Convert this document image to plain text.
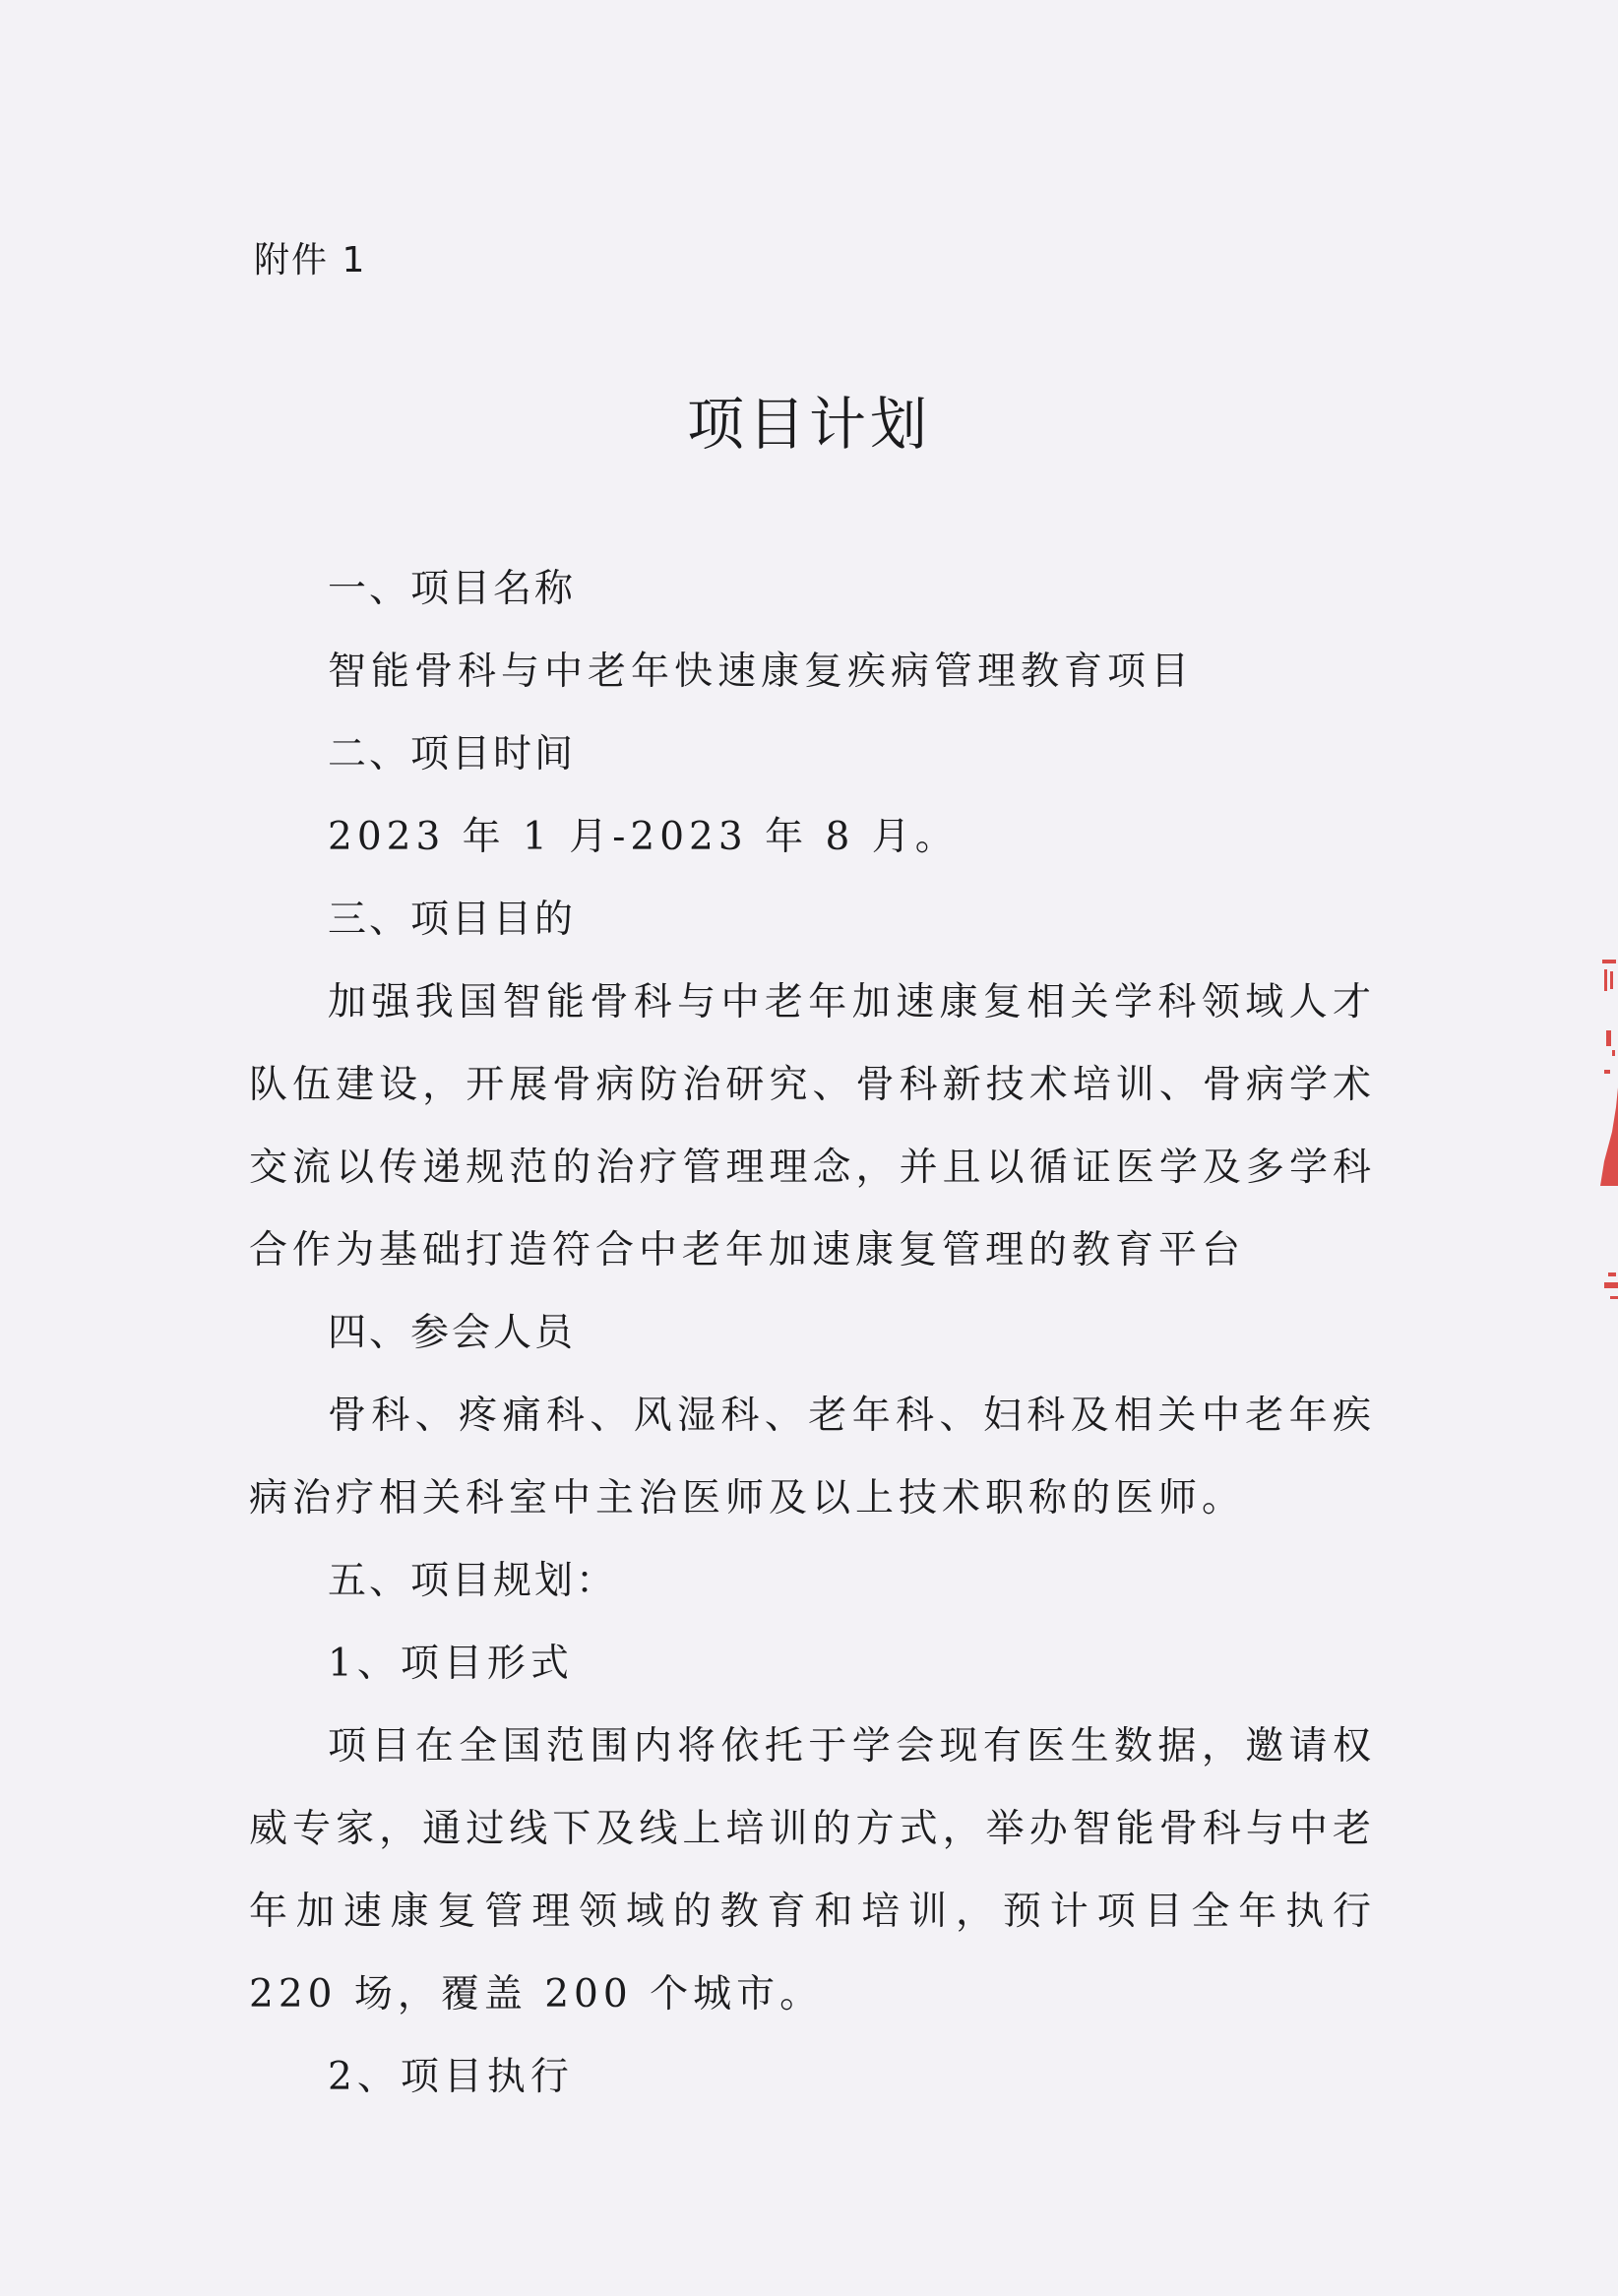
附件 1
项目计划
一、项目名称
智能骨科与中老年快速康复疾病管理教育项目
二、项目时间
2023 年 1 月-2023 年 8 月。
三、项目目的
加强我国智能骨科与中老年加速康复相关学科领域人才队伍建设，开展骨病防治研究、骨科新技术培训、骨病学术交流以传递规范的治疗管理理念，并且以循证医学及多学科合作为基础打造符合中老年加速康复管理的教育平台
四、参会人员
骨科、疼痛科、风湿科、老年科、妇科及相关中老年疾病治疗相关科室中主治医师及以上技术职称的医师。
五、项目规划：
1、项目形式
项目在全国范围内将依托于学会现有医生数据，邀请权威专家，通过线下及线上培训的方式，举办智能骨科与中老年加速康复管理领域的教育和培训，预计项目全年执行 220 场，覆盖 200 个城市。
2、项目执行
